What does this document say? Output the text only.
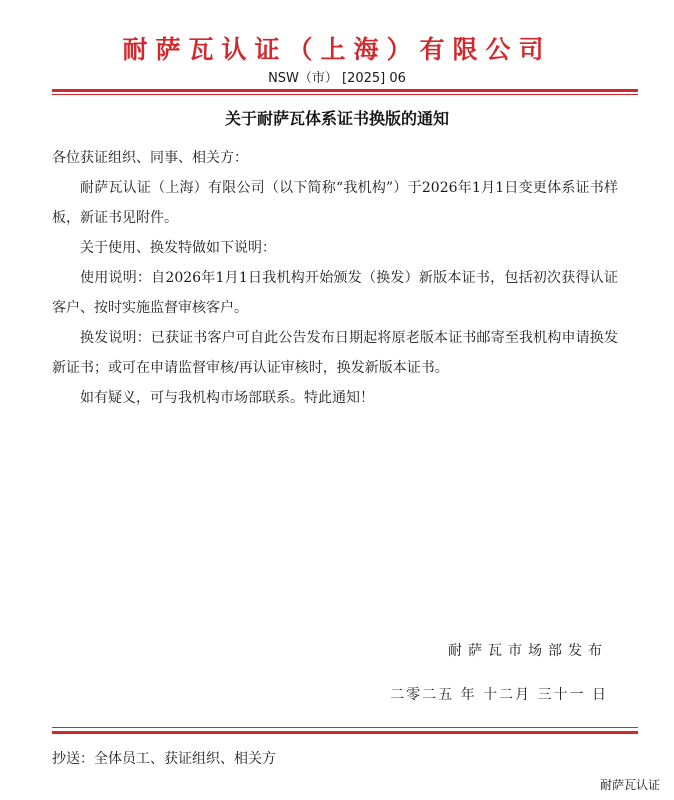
耐萨瓦认证（上海）有限公司
NSW（市） [2025] 06
关于耐萨瓦体系证书换版的通知

各位获证组织、同事、相关方：

耐萨瓦认证（上海）有限公司（以下简称“我机构”）于2026年1月1日变更体系证书样板，新证书见附件。

关于使用、换发特做如下说明：

使用说明：自2026年1月1日我机构开始颁发（换发）新版本证书，包括初次获得认证客户、按时实施监督审核客户。

换发说明：已获证书客户可自此公告发布日期起将原老版本证书邮寄至我机构申请换发新证书；或可在申请监督审核/再认证审核时，换发新版本证书。

如有疑义，可与我机构市场部联系。特此通知！

耐萨瓦市场部发布
二零二五 年 十二月 三十一 日
抄送：全体员工、获证组织、相关方
耐萨瓦认证
